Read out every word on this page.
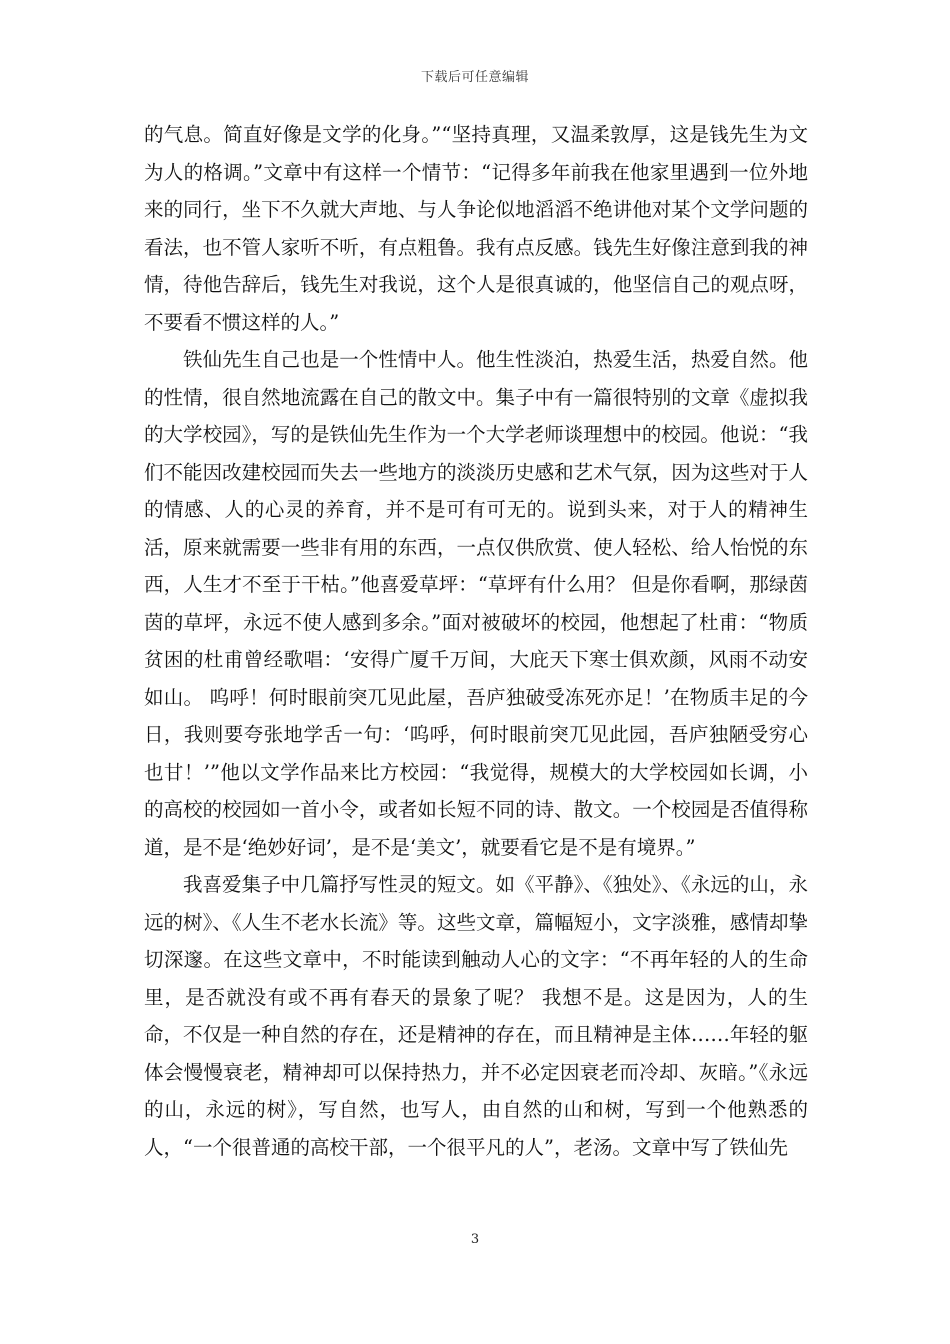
下载后可任意编辑

的气息。简直好像是文学的化身。”“坚持真理，又温柔敦厚，这是钱先生为文为人的格调。”文章中有这样一个情节：“记得多年前我在他家里遇到一位外地来的同行，坐下不久就大声地、与人争论似地滔滔不绝讲他对某个文学问题的看法，也不管人家听不听，有点粗鲁。我有点反感。钱先生好像注意到我的神情，待他告辞后，钱先生对我说，这个人是很真诚的，他坚信自己的观点呀，不要看不惯这样的人。”

铁仙先生自己也是一个性情中人。他生性淡泊，热爱生活，热爱自然。他的性情，很自然地流露在自己的散文中。集子中有一篇很特别的文章《虚拟我的大学校园》，写的是铁仙先生作为一个大学老师谈理想中的校园。他说：“我们不能因改建校园而失去一些地方的淡淡历史感和艺术气氛，因为这些对于人的情感、人的心灵的养育，并不是可有可无的。说到头来，对于人的精神生活，原来就需要一些非有用的东西，一点仅供欣赏、使人轻松、给人怡悦的东西，人生才不至于干枯。”他喜爱草坪：“草坪有什么用？ 但是你看啊，那绿茵茵的草坪，永远不使人感到多余。”面对被破坏的校园，他想起了杜甫：“物质贫困的杜甫曾经歌唱：‘安得广厦千万间，大庇天下寒士俱欢颜，风雨不动安如山。 呜呼！何时眼前突兀见此屋，吾庐独破受冻死亦足！’在物质丰足的今日，我则要夸张地学舌一句：‘呜呼，何时眼前突兀见此园，吾庐独陋受穷心也甘！’”他以文学作品来比方校园：“我觉得，规模大的大学校园如长调，小的高校的校园如一首小令，或者如长短不同的诗、散文。一个校园是否值得称道，是不是‘绝妙好词’，是不是‘美文’，就要看它是不是有境界。”

我喜爱集子中几篇抒写性灵的短文。如《平静》、《独处》、《永远的山，永远的树》、《人生不老水长流》等。这些文章，篇幅短小，文字淡雅，感情却挚切深邃。在这些文章中，不时能读到触动人心的文字：“不再年轻的人的生命里，是否就没有或不再有春天的景象了呢？ 我想不是。这是因为，人的生命，不仅是一种自然的存在，还是精神的存在，而且精神是主体……年轻的躯体会慢慢衰老，精神却可以保持热力，并不必定因衰老而冷却、灰暗。”《永远的山，永远的树》，写自然，也写人，由自然的山和树，写到一个他熟悉的人，“一个很普通的高校干部，一个很平凡的人”，老汤。文章中写了铁仙先

3
